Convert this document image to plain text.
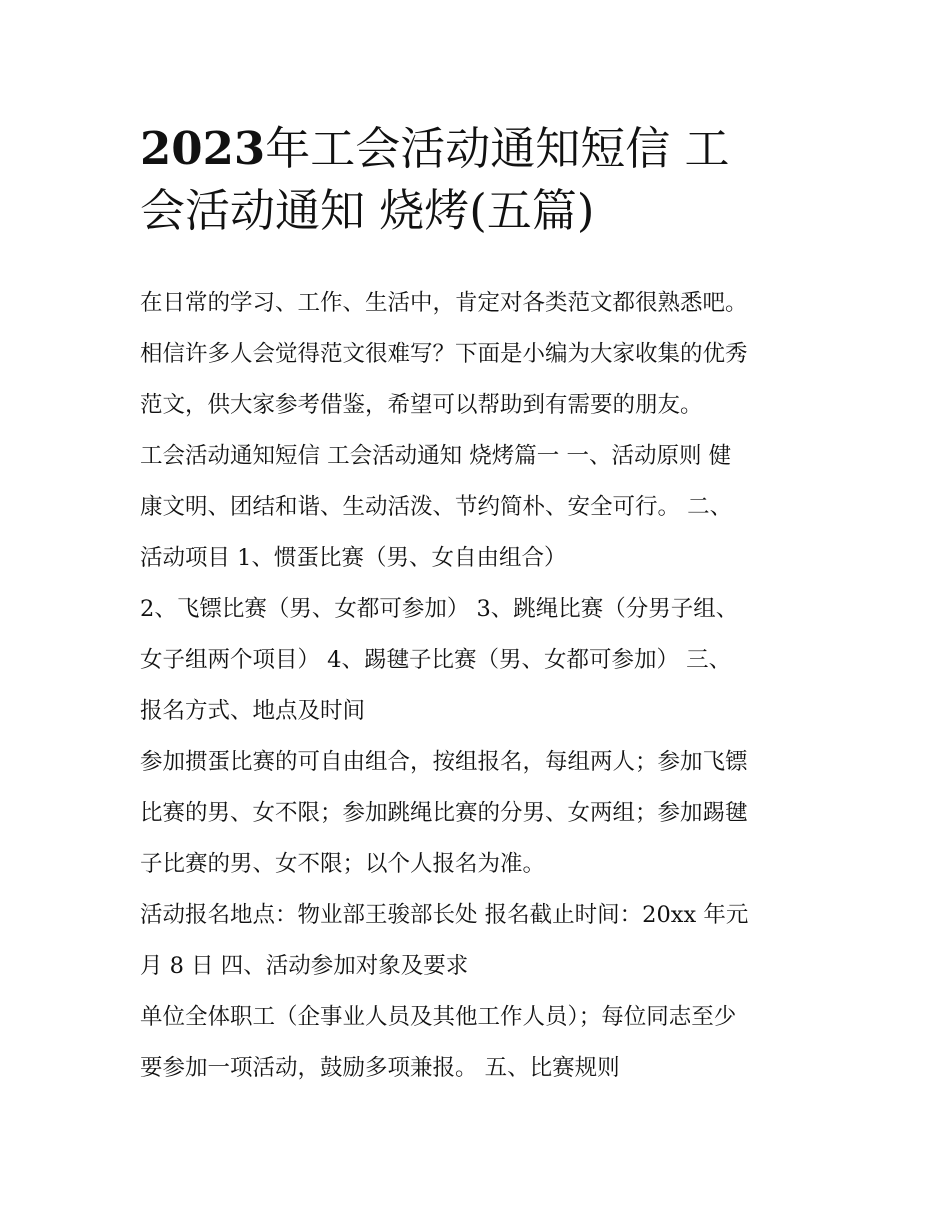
2023年工会活动通知短信 工
会活动通知 烧烤(五篇)
在日常的学习、工作、生活中，肯定对各类范文都很熟悉吧。
相信许多人会觉得范文很难写？下面是小编为大家收集的优秀
范文，供大家参考借鉴，希望可以帮助到有需要的朋友。
工会活动通知短信 工会活动通知 烧烤篇一 一、活动原则 健
康文明、团结和谐、生动活泼、节约简朴、安全可行。 二、
活动项目 1、惯蛋比赛（男、女自由组合）
2、飞镖比赛（男、女都可参加） 3、跳绳比赛（分男子组、
女子组两个项目） 4、踢毽子比赛（男、女都可参加） 三、
报名方式、地点及时间
参加掼蛋比赛的可自由组合，按组报名，每组两人；参加飞镖
比赛的男、女不限；参加跳绳比赛的分男、女两组；参加踢毽
子比赛的男、女不限；以个人报名为准。
活动报名地点：物业部王骏部长处 报名截止时间：20xx 年元
月 8 日 四、活动参加对象及要求
单位全体职工（企事业人员及其他工作人员）；每位同志至少
要参加一项活动，鼓励多项兼报。 五、比赛规则
